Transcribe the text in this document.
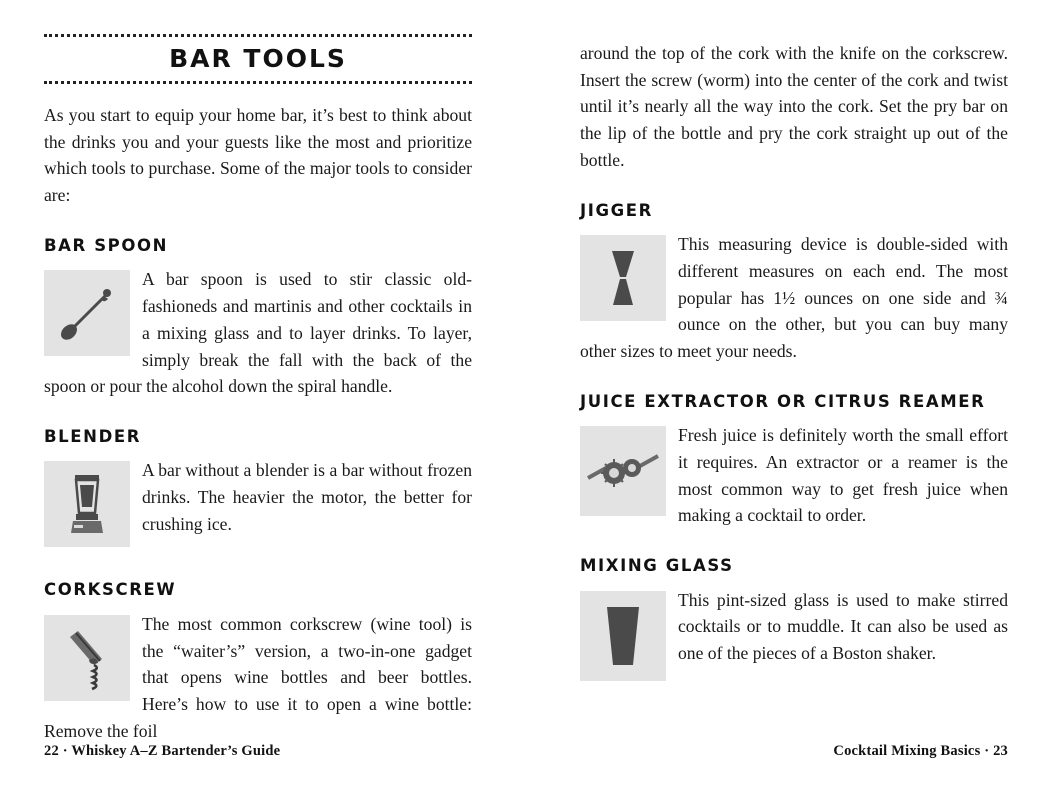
BAR TOOLS

As you start to equip your home bar, it’s best to think about the drinks you and your guests like the most and prioritize which tools to purchase. Some of the major tools to consider are:

BAR SPOON

A bar spoon is used to stir classic old-fashioneds and martinis and other cocktails in a mixing glass and to layer drinks. To layer, simply break the fall with the back of the spoon or pour the alcohol down the spiral handle.

BLENDER

A bar without a blender is a bar without frozen drinks. The heavier the motor, the better for crushing ice.

CORKSCREW

The most common corkscrew (wine tool) is the “waiter’s” version, a two-in-one gadget that opens wine bottles and beer bottles. Here’s how to use it to open a wine bottle: Remove the foil

22 · Whiskey A–Z Bartender’s Guide

around the top of the cork with the knife on the corkscrew. Insert the screw (worm) into the center of the cork and twist until it’s nearly all the way into the cork. Set the pry bar on the lip of the bottle and pry the cork straight up out of the bottle.

JIGGER

This measuring device is double-sided with different measures on each end. The most popular has 1½ ounces on one side and ¾ ounce on the other, but you can buy many other sizes to meet your needs.

JUICE EXTRACTOR OR CITRUS REAMER

Fresh juice is definitely worth the small effort it requires. An extractor or a reamer is the most common way to get fresh juice when making a cocktail to order.

MIXING GLASS

This pint-sized glass is used to make stirred cocktails or to muddle. It can also be used as one of the pieces of a Boston shaker.

Cocktail Mixing Basics · 23
